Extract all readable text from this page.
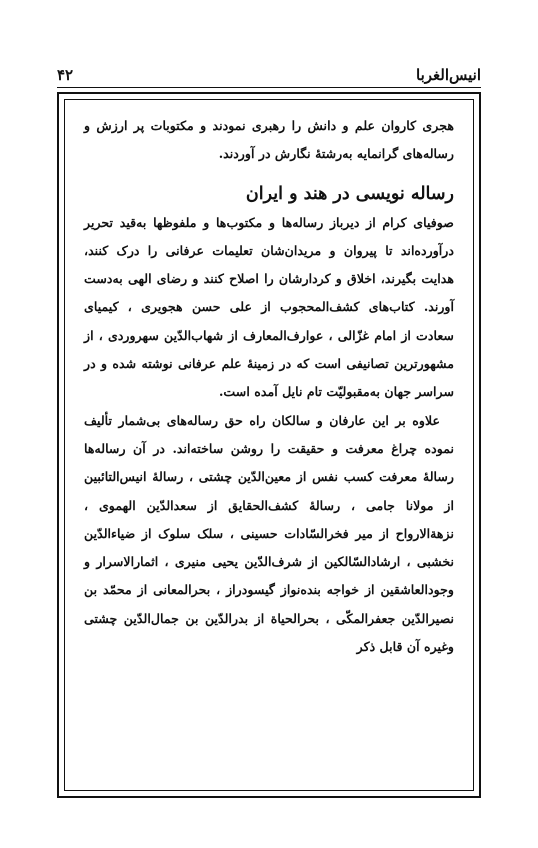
انیس‌الغربا
۴۲

هجری کاروان علم و دانش را رهبری نمودند و مکتوبات پر ارزش و رساله‌های گرانمایه به‌رشتهٔ نگارش در آوردند.

رساله نویسی در هند و ایران

صوفیای کرام از دیرباز رساله‌ها و مکتوب‌ها و ملفوظها به‌قید تحریر درآورده‌اند تا پیروان و مریدان‌شان تعلیمات عرفانی را درک کنند، هدایت بگیرند، اخلاق و کردارشان را اصلاح کنند و رضای الهی به‌دست آورند. کتاب‌های کشف‌المحجوب از علی حسن هجویری ، کیمیای سعادت از امام غزّالی ، عوارف‌المعارف از شهاب‌الدّین سهروردی ، از مشهورترین تصانیفی است که در زمینهٔ علم عرفانی نوشته شده و در سراسر جهان به‌مقبولیّت تام نایل آمده است.

علاوه بر این عارفان و سالکان راه حق رساله‌های بی‌شمار تألیف نموده چراغ معرفت و حقیقت را روشن ساخته‌اند. در آن رساله‌ها رسالهٔ معرفت کسب نفس از معین‌الدّین چشتی ، رسالهٔ انیس‌التائبین از مولانا جامی ، رسالهٔ کشف‌الحقایق از سعدالدّین الهموی ، نزهةالارواح از میر فخرالسّادات حسینی ، سلک سلوک از ضیاءالدّین نخشبی ، ارشادالسّالکین از شرف‌الدّین یحیی منیری ، اثمارالاسرار و وجودالعاشقین از خواجه بنده‌نواز گیسودراز ، بحرالمعانی از محمّد بن نصیرالدّین جعفرالمکّی ، بحرالحیاة از بدرالدّین بن جمال‌الدّین چشتی وغیره آن قابل ذکر
